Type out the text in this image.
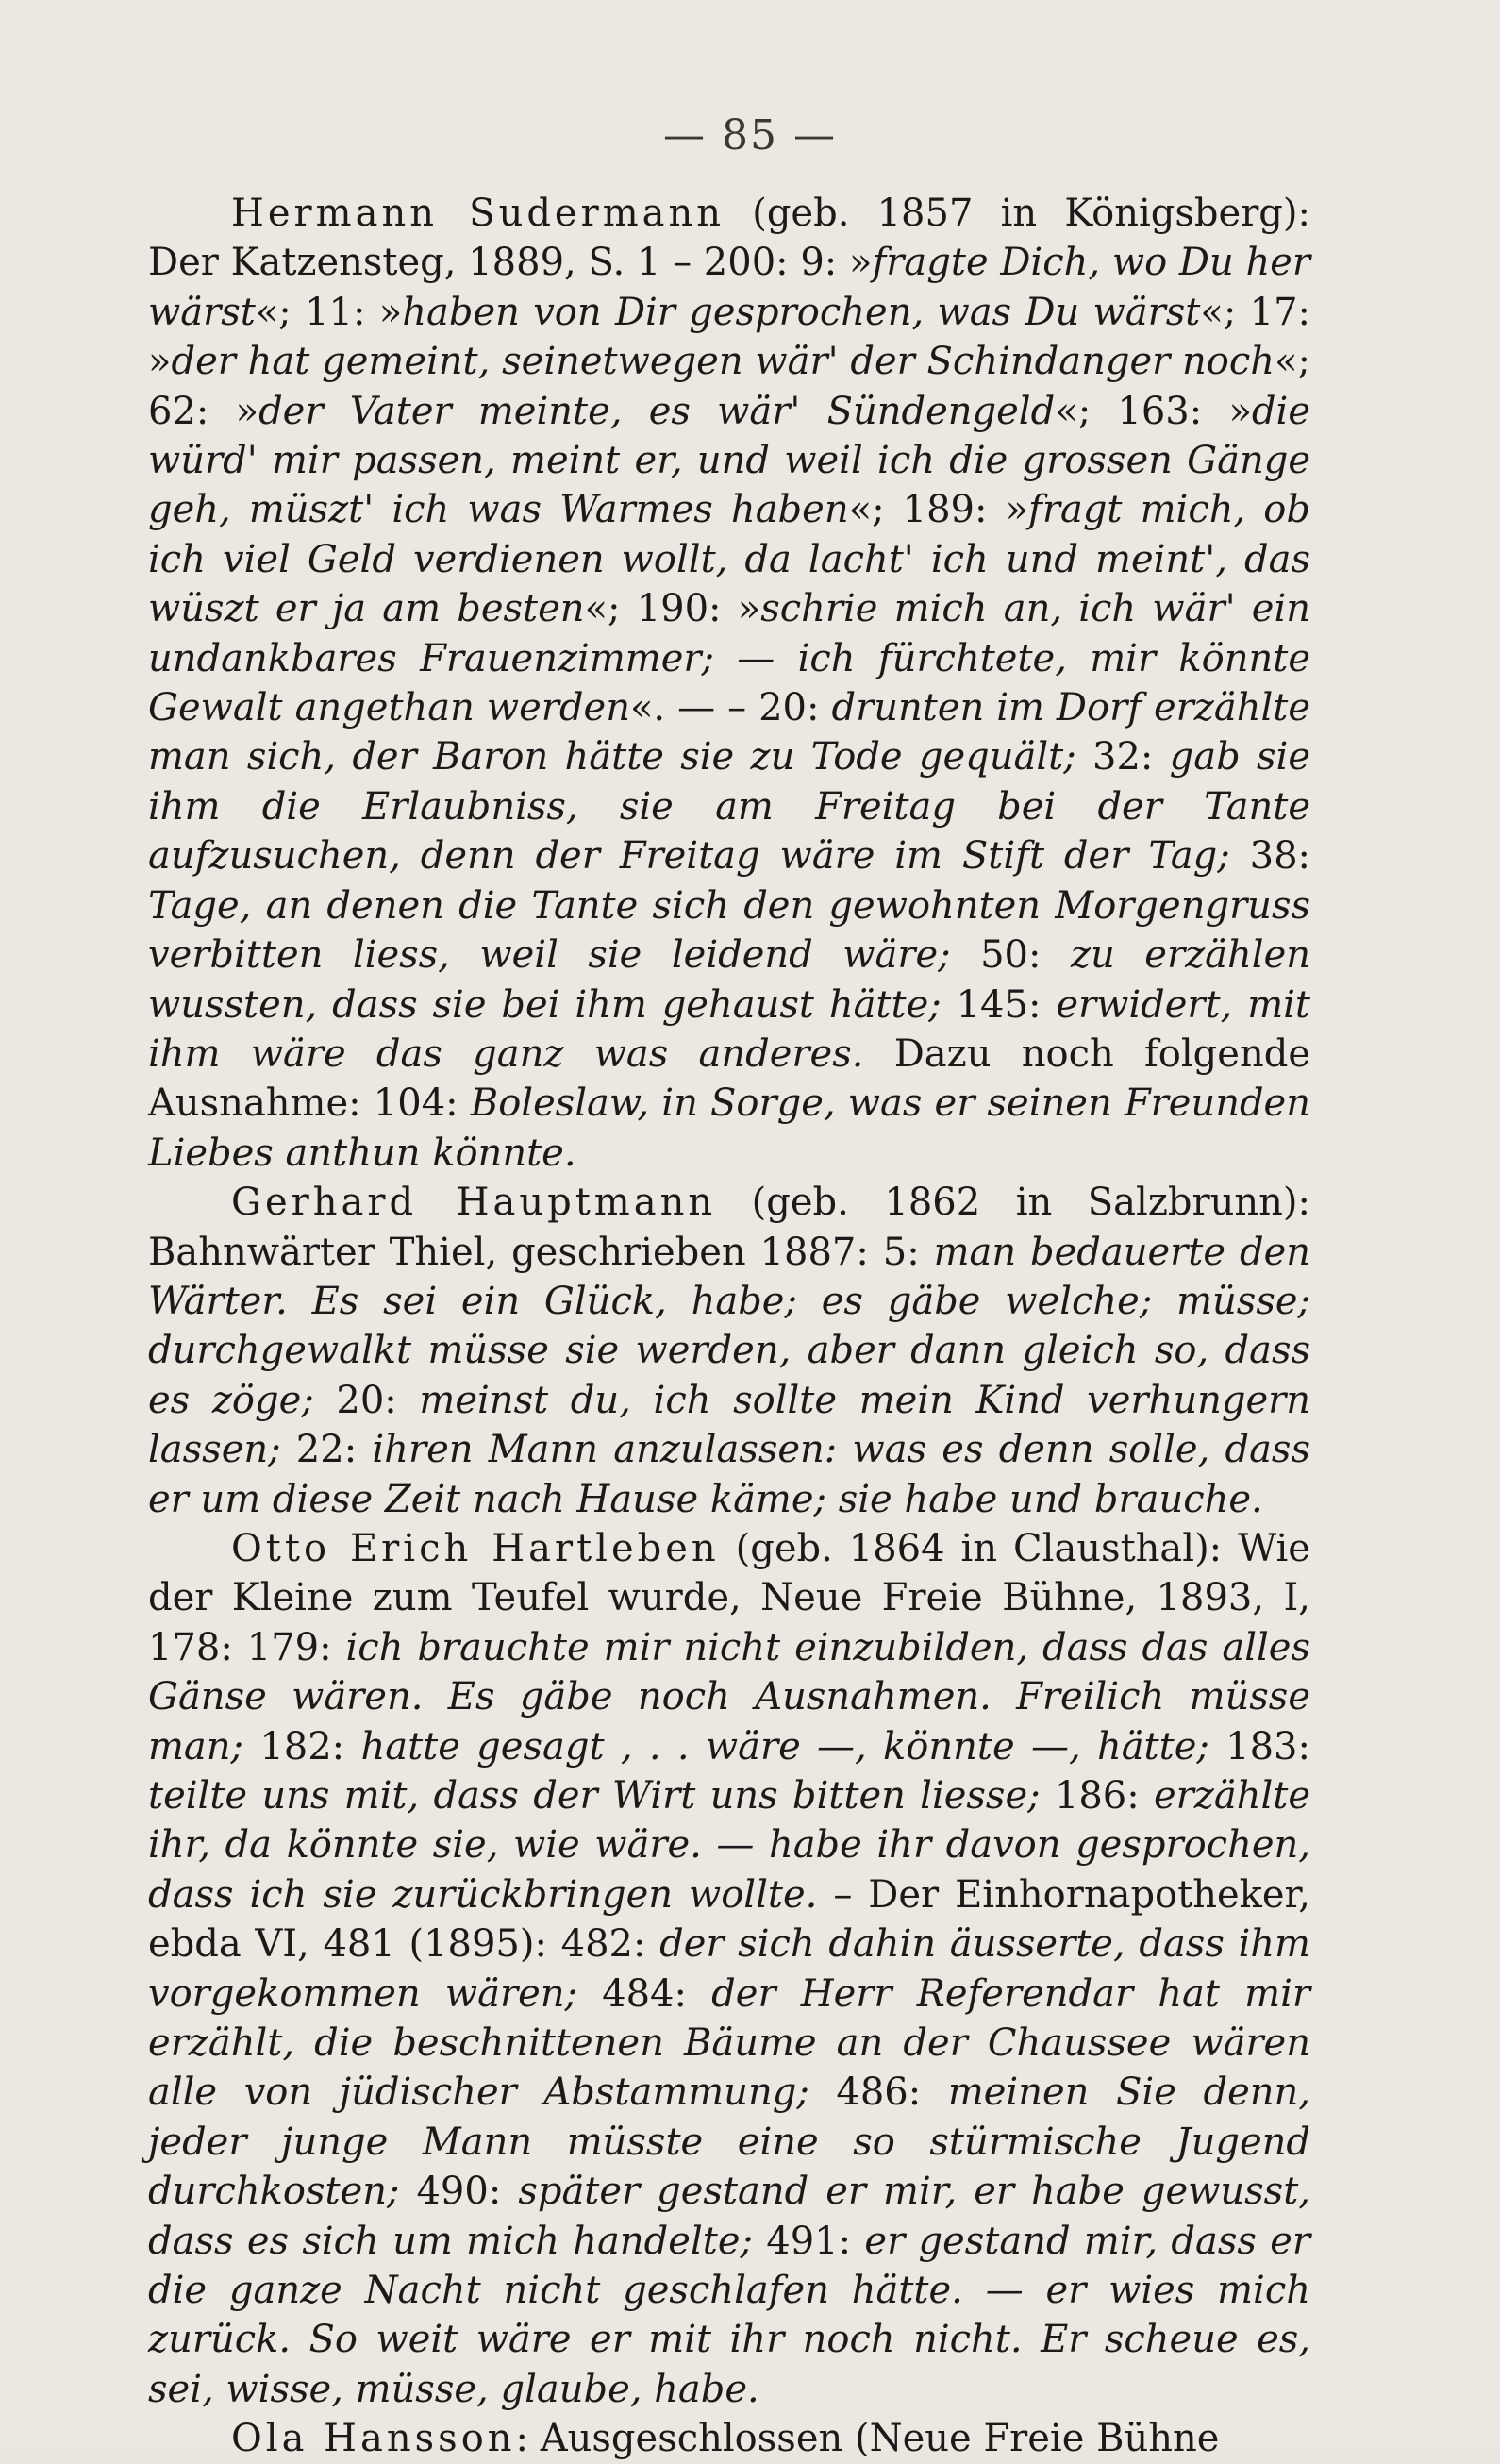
— 85 —

Hermann Sudermann (geb. 1857 in Königsberg): Der Katzensteg, 1889, S. 1 – 200: 9: »fragte Dich, wo Du her wärst«; 11: »haben von Dir gesprochen, was Du wärst«; 17: »der hat gemeint, seinetwegen wär' der Schindanger noch«; 62: »der Vater meinte, es wär' Sündengeld«; 163: »die würd' mir passen, meint er, und weil ich die grossen Gänge geh, müszt' ich was Warmes haben«; 189: »fragt mich, ob ich viel Geld verdienen wollt, da lacht' ich und meint', das wüszt er ja am besten«; 190: »schrie mich an, ich wär' ein undankbares Frauenzimmer; — ich fürchtete, mir könnte Gewalt angethan werden«. — – 20: drunten im Dorf erzählte man sich, der Baron hätte sie zu Tode gequält; 32: gab sie ihm die Erlaubniss, sie am Freitag bei der Tante aufzusuchen, denn der Freitag wäre im Stift der Tag; 38: Tage, an denen die Tante sich den gewohnten Morgengruss verbitten liess, weil sie leidend wäre; 50: zu erzählen wussten, dass sie bei ihm gehaust hätte; 145: erwidert, mit ihm wäre das ganz was anderes. Dazu noch folgende Ausnahme: 104: Boleslaw, in Sorge, was er seinen Freunden Liebes anthun könnte.

Gerhard Hauptmann (geb. 1862 in Salzbrunn): Bahnwärter Thiel, geschrieben 1887: 5: man bedauerte den Wärter. Es sei ein Glück, habe; es gäbe welche; müsse; durchgewalkt müsse sie werden, aber dann gleich so, dass es zöge; 20: meinst du, ich sollte mein Kind verhungern lassen; 22: ihren Mann anzulassen: was es denn solle, dass er um diese Zeit nach Hause käme; sie habe und brauche.

Otto Erich Hartleben (geb. 1864 in Clausthal): Wie der Kleine zum Teufel wurde, Neue Freie Bühne, 1893, I, 178: 179: ich brauchte mir nicht einzubilden, dass das alles Gänse wären. Es gäbe noch Ausnahmen. Freilich müsse man; 182: hatte gesagt , . . wäre —, könnte —, hätte; 183: teilte uns mit, dass der Wirt uns bitten liesse; 186: erzählte ihr, da könnte sie, wie wäre. — habe ihr davon gesprochen, dass ich sie zurückbringen wollte. – Der Einhornapotheker, ebda VI, 481 (1895): 482: der sich dahin äusserte, dass ihm vorgekommen wären; 484: der Herr Referendar hat mir erzählt, die beschnittenen Bäume an der Chaussee wären alle von jüdischer Abstammung; 486: meinen Sie denn, jeder junge Mann müsste eine so stürmische Jugend durchkosten; 490: später gestand er mir, er habe gewusst, dass es sich um mich handelte; 491: er gestand mir, dass er die ganze Nacht nicht geschlafen hätte. — er wies mich zurück. So weit wäre er mit ihr noch nicht. Er scheue es, sei, wisse, müsse, glaube, habe.

Ola Hansson: Ausgeschlossen (Neue Freie Bühne
